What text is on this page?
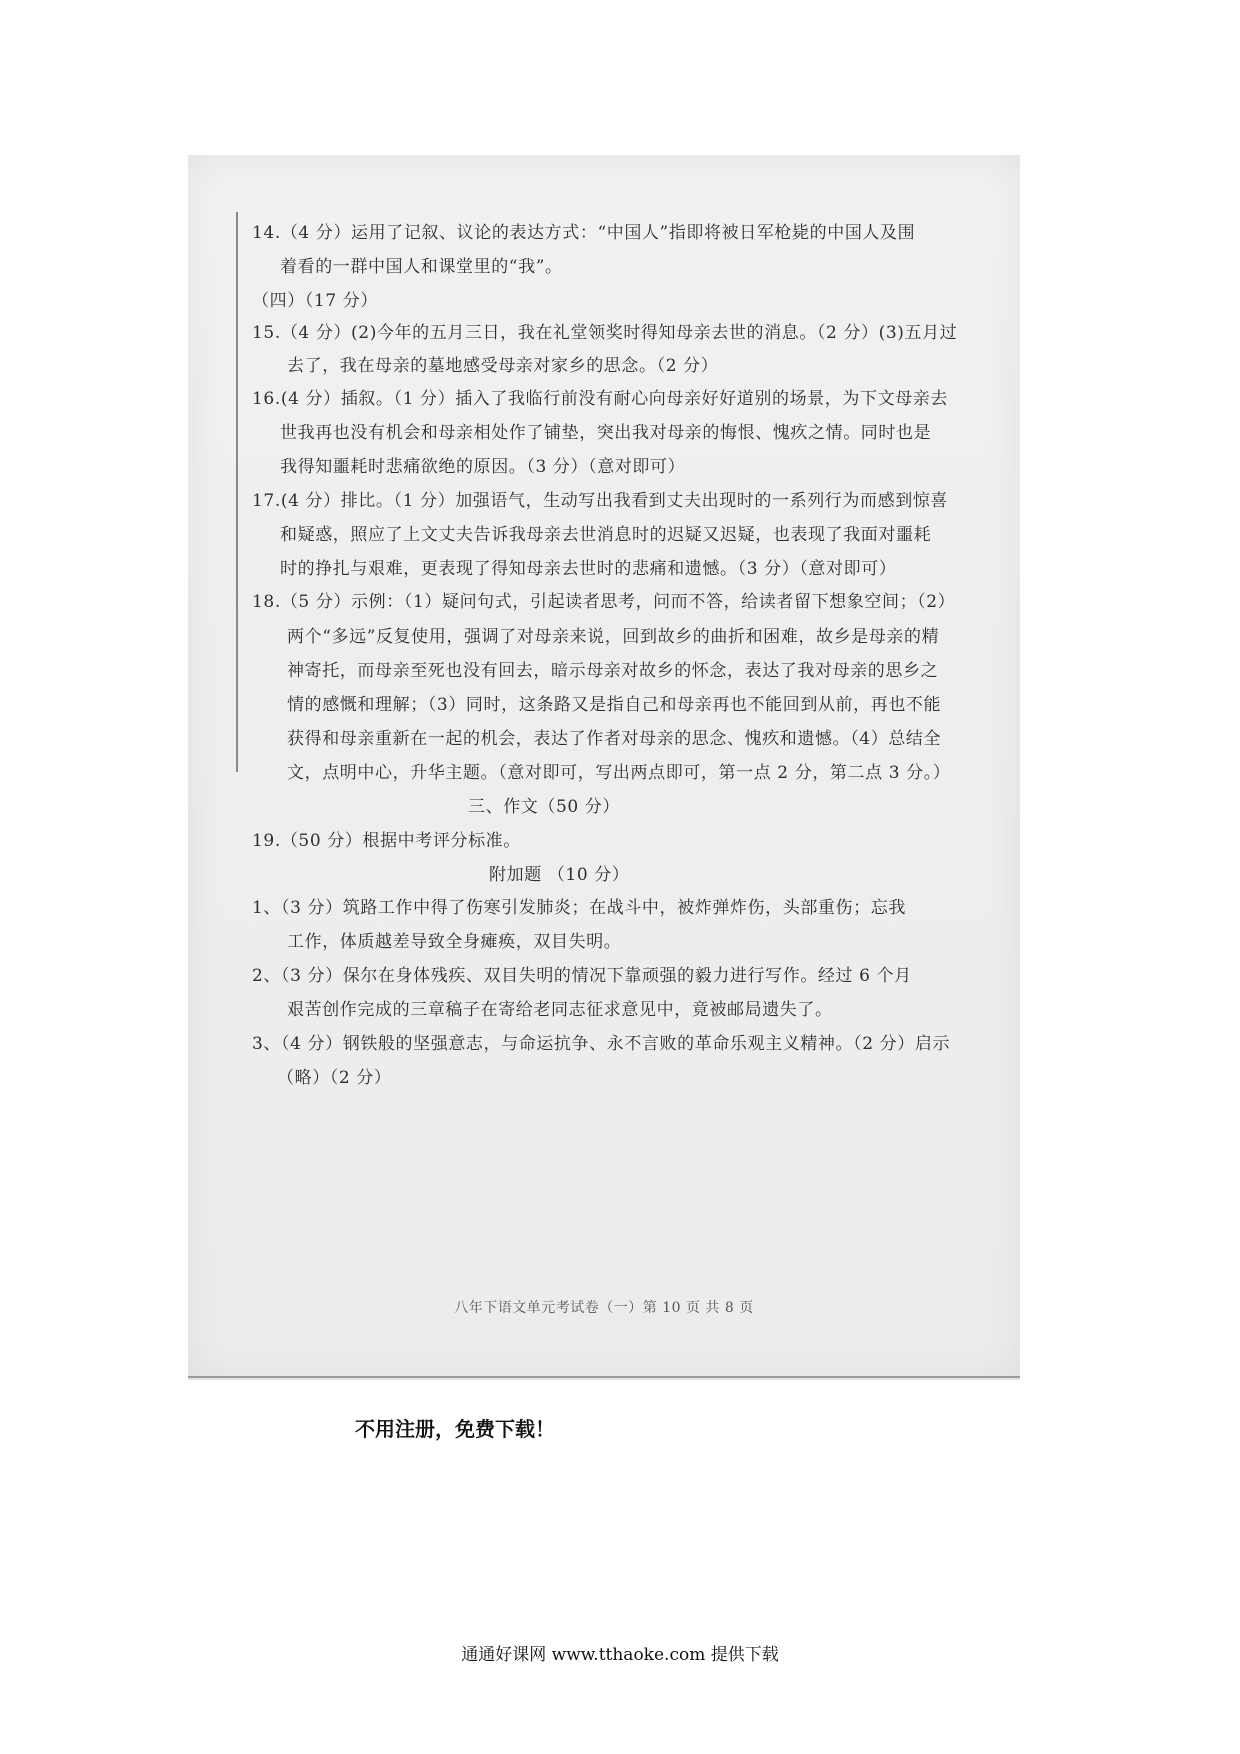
14.（4 分）运用了记叙、议论的表达方式：“中国人”指即将被日军枪毙的中国人及围
着看的一群中国人和课堂里的“我”。
（四）（17 分）
15.（4 分）(2)今年的五月三日，我在礼堂领奖时得知母亲去世的消息。（2 分）(3)五月过
去了，我在母亲的墓地感受母亲对家乡的思念。（2 分）
16.(4 分）插叙。（1 分）插入了我临行前没有耐心向母亲好好道别的场景，为下文母亲去
世我再也没有机会和母亲相处作了铺垫，突出我对母亲的悔恨、愧疚之情。同时也是
我得知噩耗时悲痛欲绝的原因。（3 分）（意对即可）
17.(4 分）排比。（1 分）加强语气，生动写出我看到丈夫出现时的一系列行为而感到惊喜
和疑惑，照应了上文丈夫告诉我母亲去世消息时的迟疑又迟疑，也表现了我面对噩耗
时的挣扎与艰难，更表现了得知母亲去世时的悲痛和遗憾。（3 分）（意对即可）
18.（5 分）示例：（1）疑问句式，引起读者思考，问而不答，给读者留下想象空间；（2）
两个“多远”反复使用，强调了对母亲来说，回到故乡的曲折和困难，故乡是母亲的精
神寄托，而母亲至死也没有回去，暗示母亲对故乡的怀念，表达了我对母亲的思乡之
情的感慨和理解；（3）同时，这条路又是指自己和母亲再也不能回到从前，再也不能
获得和母亲重新在一起的机会，表达了作者对母亲的思念、愧疚和遗憾。（4）总结全
文，点明中心，升华主题。（意对即可，写出两点即可，第一点 2 分，第二点 3 分。）
三、作文（50 分）
19.（50 分）根据中考评分标准。
附加题 （10 分）
1、（3 分）筑路工作中得了伤寒引发肺炎；在战斗中，被炸弹炸伤，头部重伤；忘我
工作，体质越差导致全身瘫痪，双目失明。
2、（3 分）保尔在身体残疾、双目失明的情况下靠顽强的毅力进行写作。经过 6 个月
艰苦创作完成的三章稿子在寄给老同志征求意见中，竟被邮局遗失了。
3、（4 分）钢铁般的坚强意志，与命运抗争、永不言败的革命乐观主义精神。（2 分）启示
（略）（2 分）
八年下语文单元考试卷（一）第 10 页 共 8 页
不用注册，免费下载！
通通好课网 www.tthaoke.com 提供下载
